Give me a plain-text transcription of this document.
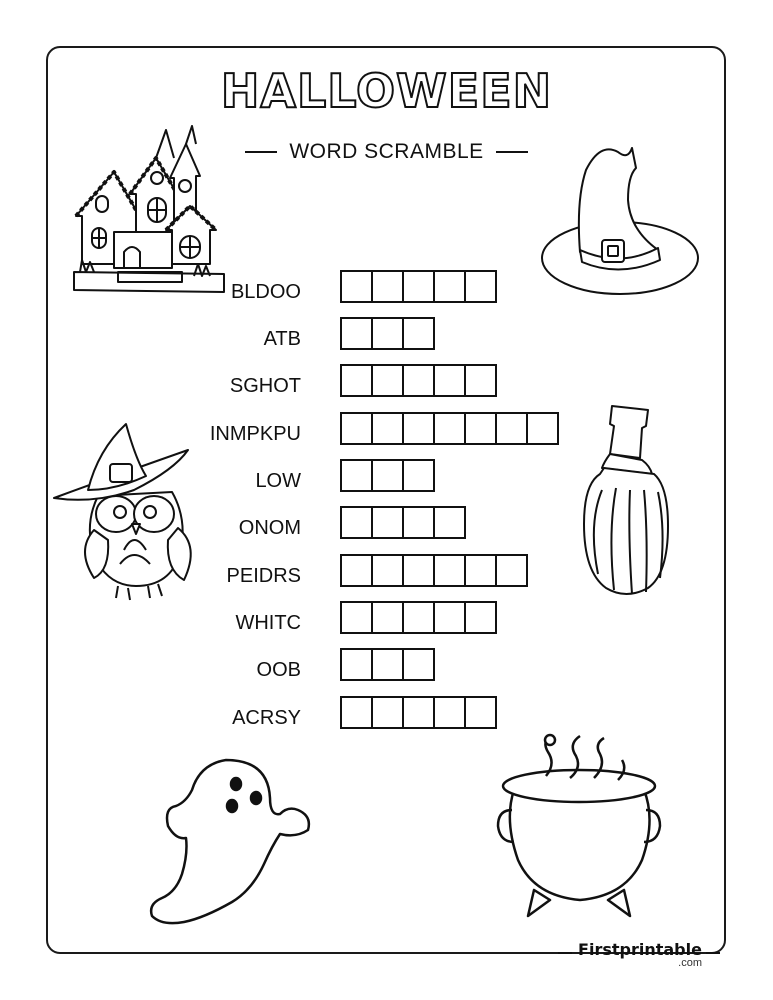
HALLOWEEN
WORD SCRAMBLE
BLDOO
ATB
SGHOT
INMPKPU
LOW
ONOM
PEIDRS
WHITC
OOB
ACRSY
Firstprintable
.com
